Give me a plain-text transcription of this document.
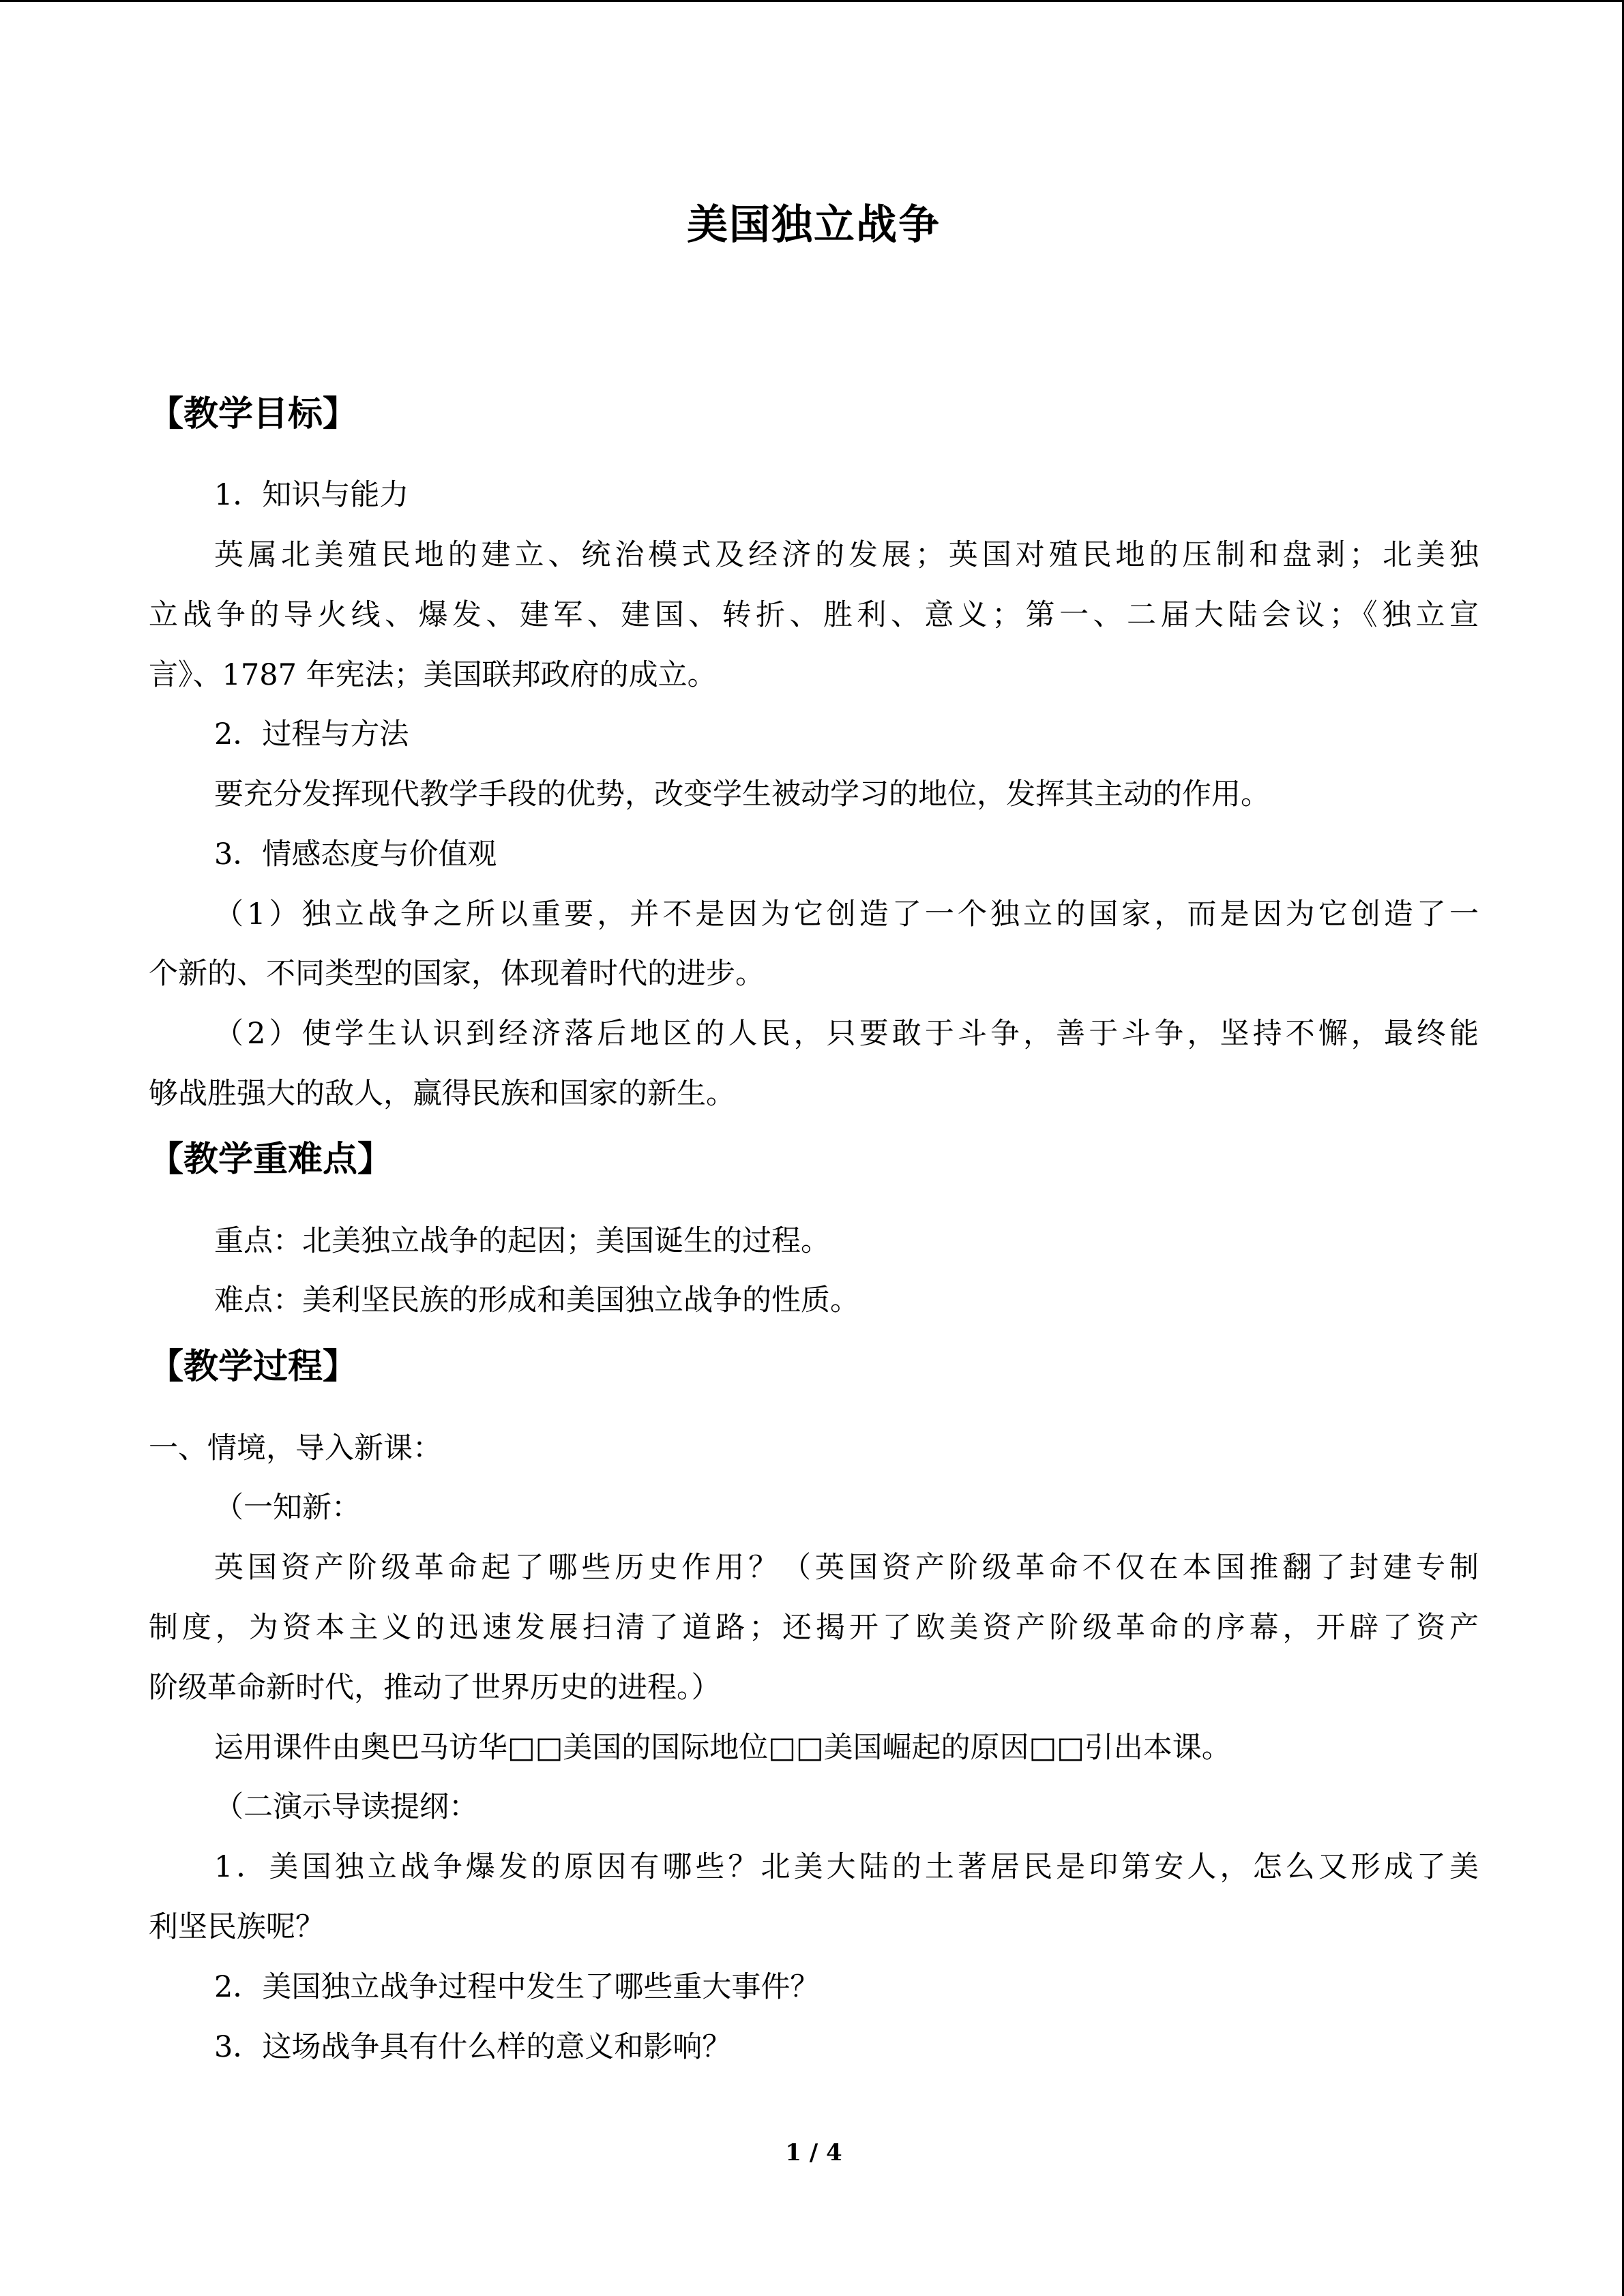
美国独立战争
【教学目标】
1．知识与能力
英属北美殖民地的建立、统治模式及经济的发展；英国对殖民地的压制和盘剥；北美独
立战争的导火线、爆发、建军、建国、转折、胜利、意义；第一、二届大陆会议；《独立宣
言》、1787 年宪法；美国联邦政府的成立。
2．过程与方法
要充分发挥现代教学手段的优势，改变学生被动学习的地位，发挥其主动的作用。
3．情感态度与价值观
（1）独立战争之所以重要，并不是因为它创造了一个独立的国家，而是因为它创造了一
个新的、不同类型的国家，体现着时代的进步。
（2）使学生认识到经济落后地区的人民，只要敢于斗争，善于斗争，坚持不懈，最终能
够战胜强大的敌人，赢得民族和国家的新生。
【教学重难点】
重点：北美独立战争的起因；美国诞生的过程。
难点：美利坚民族的形成和美国独立战争的性质。
【教学过程】
一、情境，导入新课：
（一知新：
英国资产阶级革命起了哪些历史作用？（英国资产阶级革命不仅在本国推翻了封建专制
制度，为资本主义的迅速发展扫清了道路；还揭开了欧美资产阶级革命的序幕，开辟了资产
阶级革命新时代，推动了世界历史的进程。）
运用课件由奥巴马访华□□美国的国际地位□□美国崛起的原因□□引出本课。
（二演示导读提纲：
1．美国独立战争爆发的原因有哪些？北美大陆的土著居民是印第安人，怎么又形成了美
利坚民族呢？
2．美国独立战争过程中发生了哪些重大事件？
3．这场战争具有什么样的意义和影响？
1 / 4
